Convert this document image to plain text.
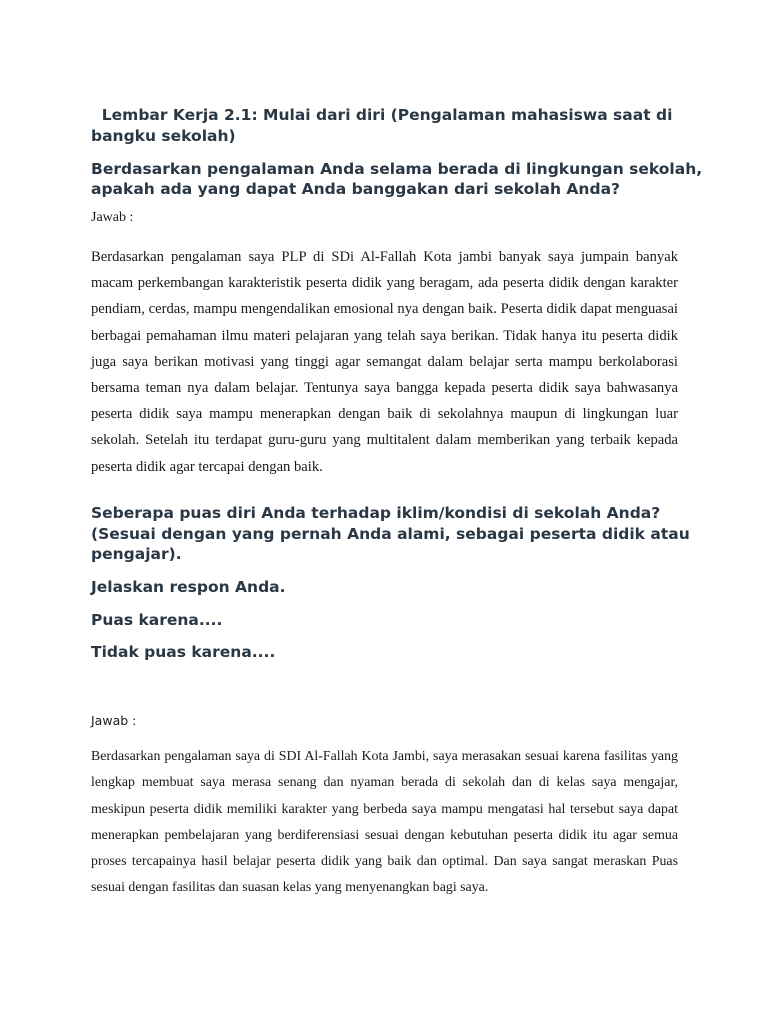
Lembar Kerja 2.1: Mulai dari diri (Pengalaman mahasiswa saat di bangku sekolah)
Berdasarkan pengalaman Anda selama berada di lingkungan sekolah, apakah ada yang dapat Anda banggakan dari sekolah Anda?
Jawab :

Berdasarkan pengalaman saya PLP di SDi Al-Fallah Kota jambi banyak saya jumpain banyak macam perkembangan karakteristik peserta didik yang beragam, ada peserta didik dengan karakter pendiam, cerdas, mampu mengendalikan emosional nya dengan baik. Peserta didik dapat menguasai berbagai pemahaman ilmu materi pelajaran yang telah saya berikan. Tidak hanya itu peserta didik juga saya berikan motivasi yang tinggi agar semangat dalam belajar serta mampu berkolaborasi bersama teman nya dalam belajar. Tentunya saya bangga kepada peserta didik saya bahwasanya peserta didik saya mampu menerapkan dengan baik di sekolahnya maupun di lingkungan luar sekolah. Setelah itu terdapat guru-guru yang multitalent dalam memberikan yang terbaik kepada peserta didik agar tercapai dengan baik.

Seberapa puas diri Anda terhadap iklim/kondisi di sekolah Anda? (Sesuai dengan yang pernah Anda alami, sebagai peserta didik atau pengajar).
Jelaskan respon Anda.
Puas karena....
Tidak puas karena....
Jawab :

Berdasarkan pengalaman saya di SDI Al-Fallah Kota Jambi, saya merasakan sesuai karena fasilitas yang lengkap membuat saya merasa senang dan nyaman berada di sekolah dan di kelas saya mengajar, meskipun peserta didik memiliki karakter yang berbeda saya mampu mengatasi hal tersebut saya dapat menerapkan pembelajaran yang berdiferensiasi sesuai dengan kebutuhan peserta didik itu agar semua proses tercapainya hasil belajar peserta didik yang baik dan optimal. Dan saya sangat meraskan Puas sesuai dengan fasilitas dan suasan kelas yang menyenangkan bagi saya.
